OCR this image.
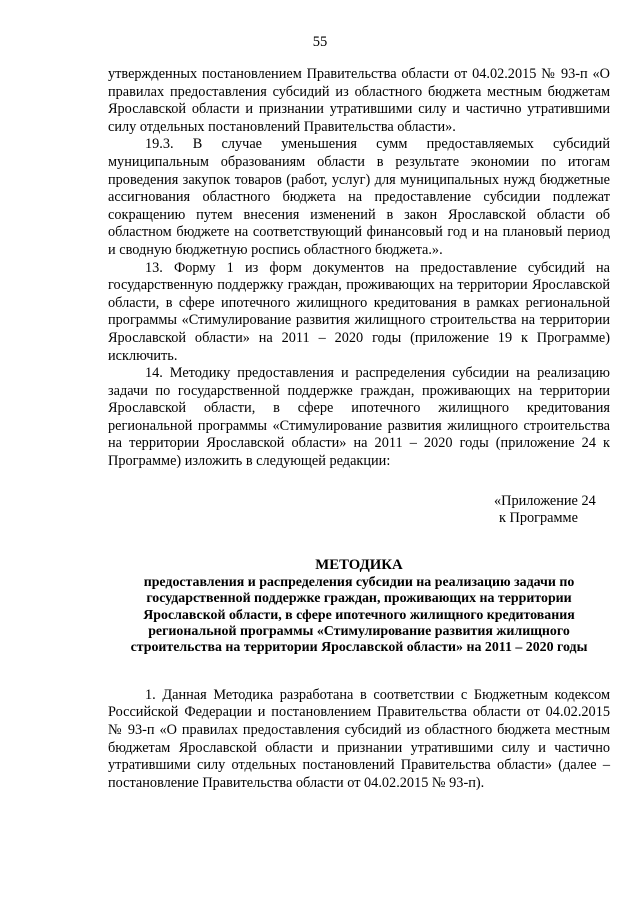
55

утвержденных постановлением Правительства области от 04.02.2015 № 93-п «О правилах предоставления субсидий из областного бюджета местным бюджетам Ярославской области и признании утратившими силу и частично утратившими силу отдельных постановлений Правительства области».

19.3. В случае уменьшения сумм предоставляемых субсидий муниципальным образованиям области в результате экономии по итогам проведения закупок товаров (работ, услуг) для муниципальных нужд бюджетные ассигнования областного бюджета на предоставление субсидии подлежат сокращению путем внесения изменений в закон Ярославской области об областном бюджете на соответствующий финансовый год и на плановый период и сводную бюджетную роспись областного бюджета.».

13. Форму 1 из форм документов на предоставление субсидий на государственную поддержку граждан, проживающих на территории Ярославской области, в сфере ипотечного жилищного кредитования в рамках региональной программы «Стимулирование развития жилищного строительства на территории Ярославской области» на 2011 – 2020 годы (приложение 19 к Программе) исключить.

14. Методику предоставления и распределения субсидии на реализацию задачи по государственной поддержке граждан, проживающих на территории Ярославской области, в сфере ипотечного жилищного кредитования региональной программы «Стимулирование развития жилищного строительства на территории Ярославской области» на 2011 – 2020 годы (приложение 24 к Программе) изложить в следующей редакции:

«Приложение 24
к Программе
МЕТОДИКА
предоставления и распределения субсидии на реализацию задачи по государственной поддержке граждан, проживающих на территории Ярославской области, в сфере ипотечного жилищного кредитования региональной программы «Стимулирование развития жилищного строительства на территории Ярославской области» на 2011 – 2020 годы

1. Данная Методика разработана в соответствии с Бюджетным кодексом Российской Федерации и постановлением Правительства области от 04.02.2015 № 93-п «О правилах предоставления субсидий из областного бюджета местным бюджетам Ярославской области и признании утратившими силу и частично утратившими силу отдельных постановлений Правительства области» (далее – постановление Правительства области от 04.02.2015 № 93-п).
